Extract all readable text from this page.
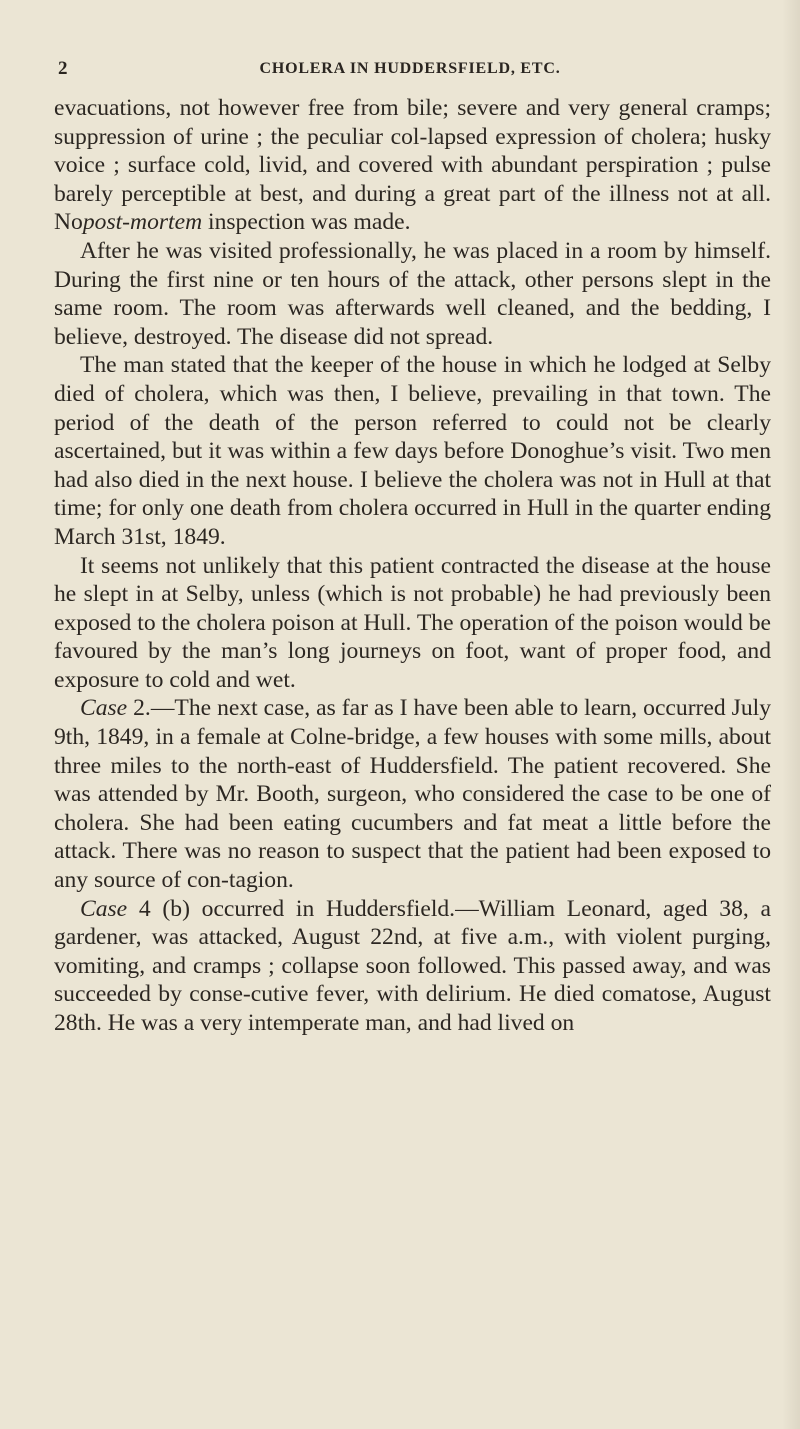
2	CHOLERA IN HUDDERSFIELD, ETC.

evacuations, not however free from bile; severe and very general cramps; suppression of urine ; the peculiar col-lapsed expression of cholera; husky voice ; surface cold, livid, and covered with abundant perspiration ; pulse barely perceptible at best, and during a great part of the illness not at all. Nopost-mortem inspection was made.

After he was visited professionally, he was placed in a room by himself. During the first nine or ten hours of the attack, other persons slept in the same room. The room was afterwards well cleaned, and the bedding, I believe, destroyed. The disease did not spread.

The man stated that the keeper of the house in which he lodged at Selby died of cholera, which was then, I believe, prevailing in that town. The period of the death of the person referred to could not be clearly ascertained, but it was within a few days before Donoghue’s visit. Two men had also died in the next house. I believe the cholera was not in Hull at that time; for only one death from cholera occurred in Hull in the quarter ending March 31st, 1849.

It seems not unlikely that this patient contracted the disease at the house he slept in at Selby, unless (which is not probable) he had previously been exposed to the cholera poison at Hull. The operation of the poison would be favoured by the man’s long journeys on foot, want of proper food, and exposure to cold and wet.

Case 2.—The next case, as far as I have been able to learn, occurred July 9th, 1849, in a female at Colne-bridge, a few houses with some mills, about three miles to the north-east of Huddersfield. The patient recovered. She was attended by Mr. Booth, surgeon, who considered the case to be one of cholera. She had been eating cucumbers and fat meat a little before the attack. There was no reason to suspect that the patient had been exposed to any source of con-tagion.

Case 4 (b) occurred in Huddersfield.—William Leonard, aged 38, a gardener, was attacked, August 22nd, at five a.m., with violent purging, vomiting, and cramps ; collapse soon followed. This passed away, and was succeeded by conse-cutive fever, with delirium. He died comatose, August 28th. He was a very intemperate man, and had lived on
